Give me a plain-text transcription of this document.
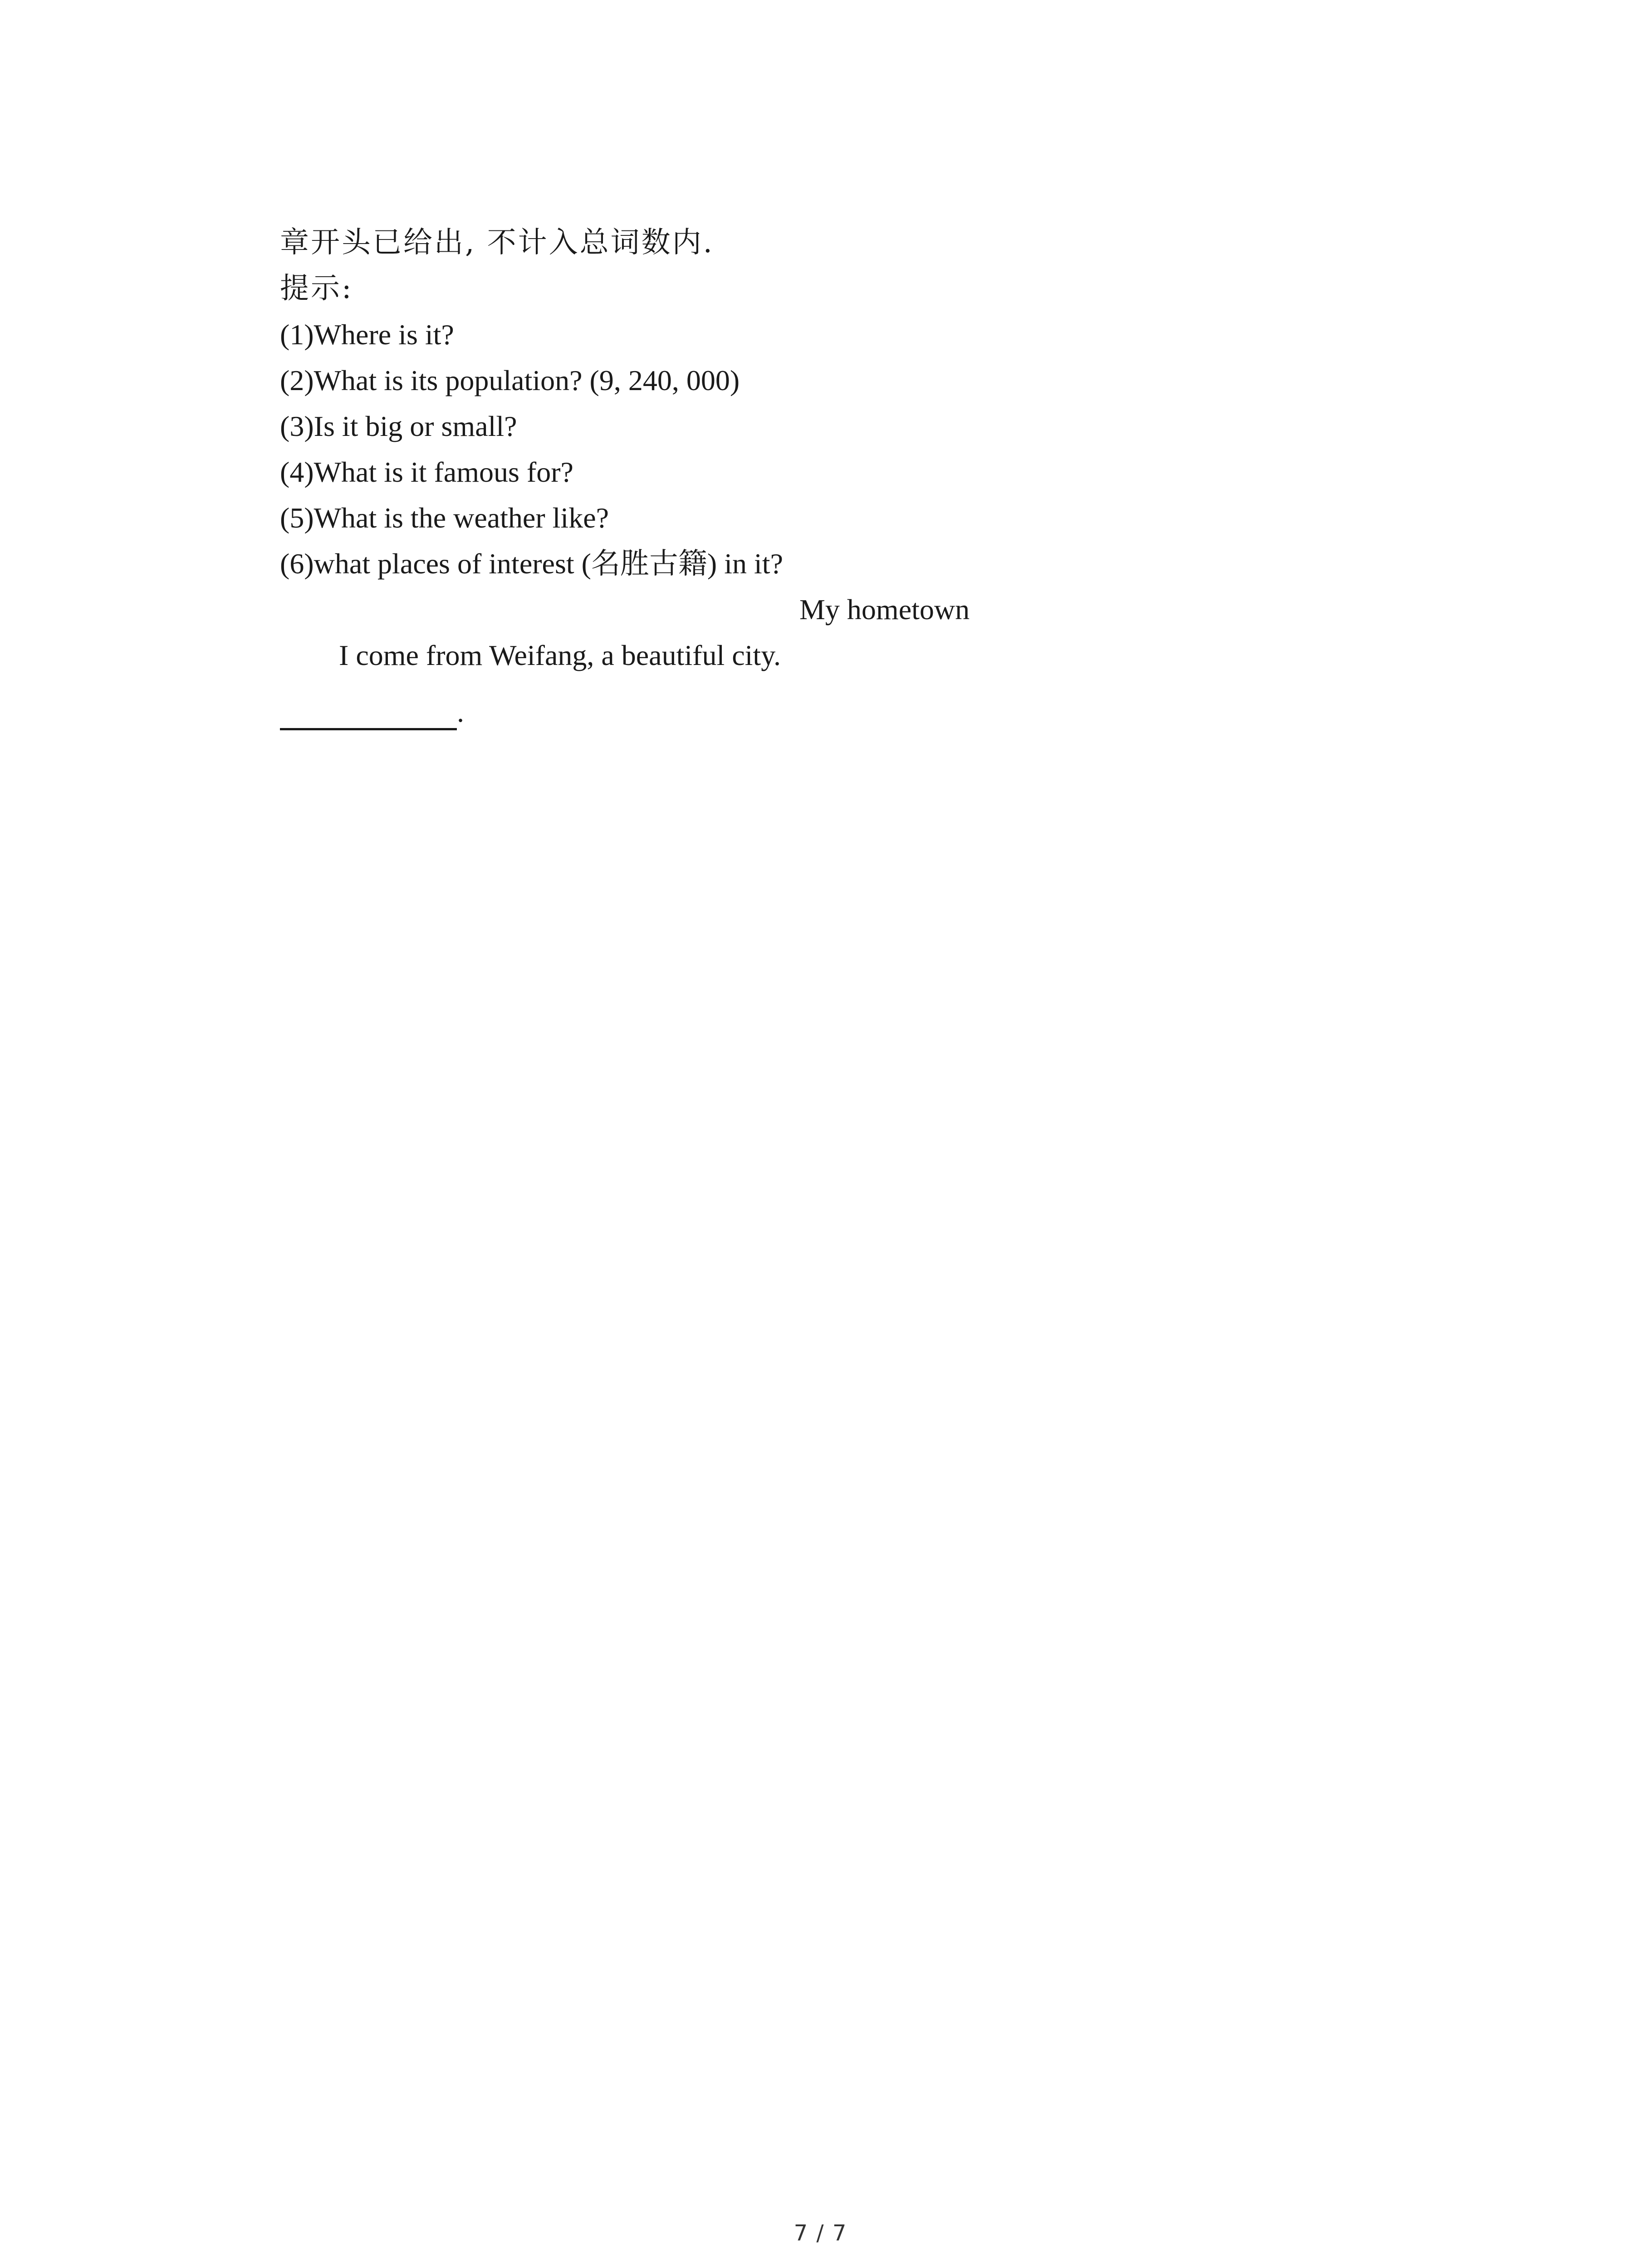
章开头已给出, 不计入总词数内.
提示:
(1)Where is it?
(2)What is its population? (9, 240, 000)
(3)Is it big or small?
(4)What is it famous for?
(5)What is the weather like?
(6)what places of interest (名胜古籍) in it?
My hometown
I come from Weifang, a beautiful city.
.
7 / 7
